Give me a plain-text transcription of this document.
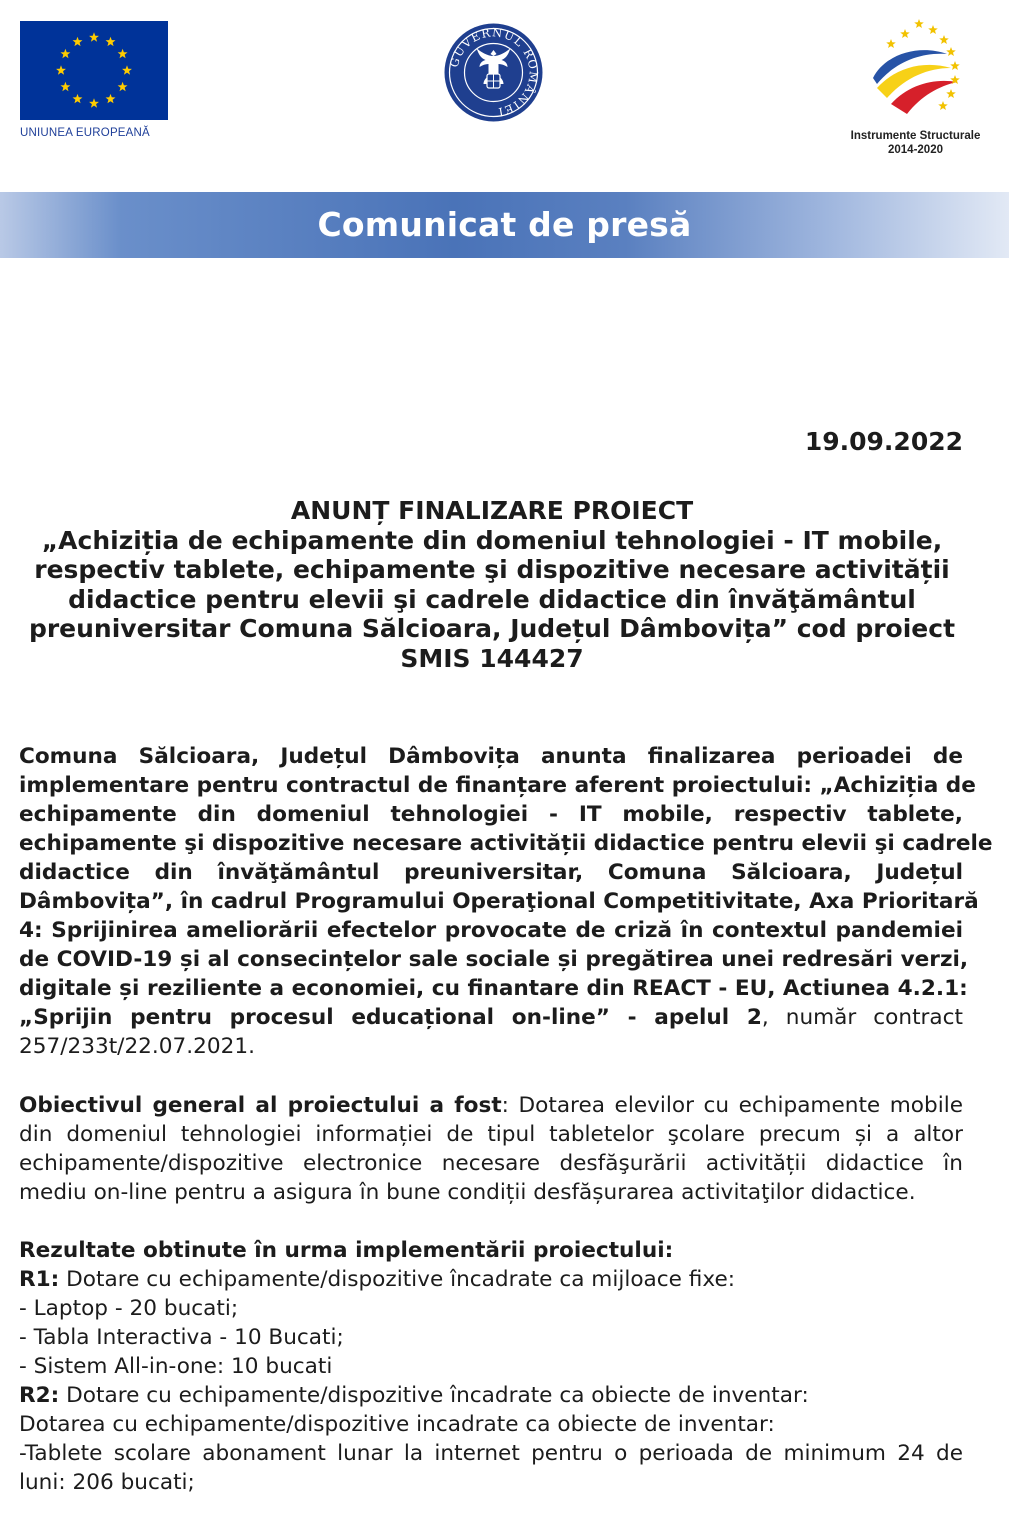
UNIUNEA EUROPEANĂ
GUVERNUL ROMÂNIEI
Instrumente Structurale
2014-2020
Comunicat de presă
19.09.2022
ANUNȚ FINALIZARE PROIECT
„Achiziția de echipamente din domeniul tehnologiei - IT mobile,
respectiv tablete, echipamente şi dispozitive necesare activității
didactice pentru elevii şi cadrele didactice din învăţământul
preuniversitar Comuna Sălcioara, Județul Dâmbovița” cod proiect
SMIS 144427
Comuna Sălcioara, Județul Dâmbovița anunta finalizarea perioadei de
implementare pentru contractul de finanțare aferent proiectului: „Achiziția de
echipamente din domeniul tehnologiei - IT mobile, respectiv tablete,
echipamente şi dispozitive necesare activității didactice pentru elevii şi cadrele
didactice din învăţământul preuniversitar, Comuna Sălcioara, Județul
Dâmbovița”, în cadrul Programului Operaţional Competitivitate, Axa Prioritară
4: Sprijinirea ameliorării efectelor provocate de criză în contextul pandemiei
de COVID-19 și al consecințelor sale sociale și pregătirea unei redresări verzi,
digitale și reziliente a economiei, cu finantare din REACT - EU, Actiunea 4.2.1:
„Sprijin pentru procesul educațional on-line” - apelul 2, număr contract
257/233t/22.07.2021.
Obiectivul general al proiectului a fost: Dotarea elevilor cu echipamente mobile
din domeniul tehnologiei informației de tipul tabletelor şcolare precum și a altor
echipamente/dispozitive electronice necesare desfăşurării activității didactice în
mediu on-line pentru a asigura în bune condiții desfășurarea activitaţilor didactice.
Rezultate obtinute în urma implementării proiectului:
R1: Dotare cu echipamente/dispozitive încadrate ca mijloace fixe:
- Laptop - 20 bucati;
- Tabla Interactiva - 10 Bucati;
- Sistem All-in-one: 10 bucati
R2: Dotare cu echipamente/dispozitive încadrate ca obiecte de inventar:
Dotarea cu echipamente/dispozitive incadrate ca obiecte de inventar:
-Tablete scolare abonament lunar la internet pentru o perioada de minimum 24 de
luni: 206 bucati;
